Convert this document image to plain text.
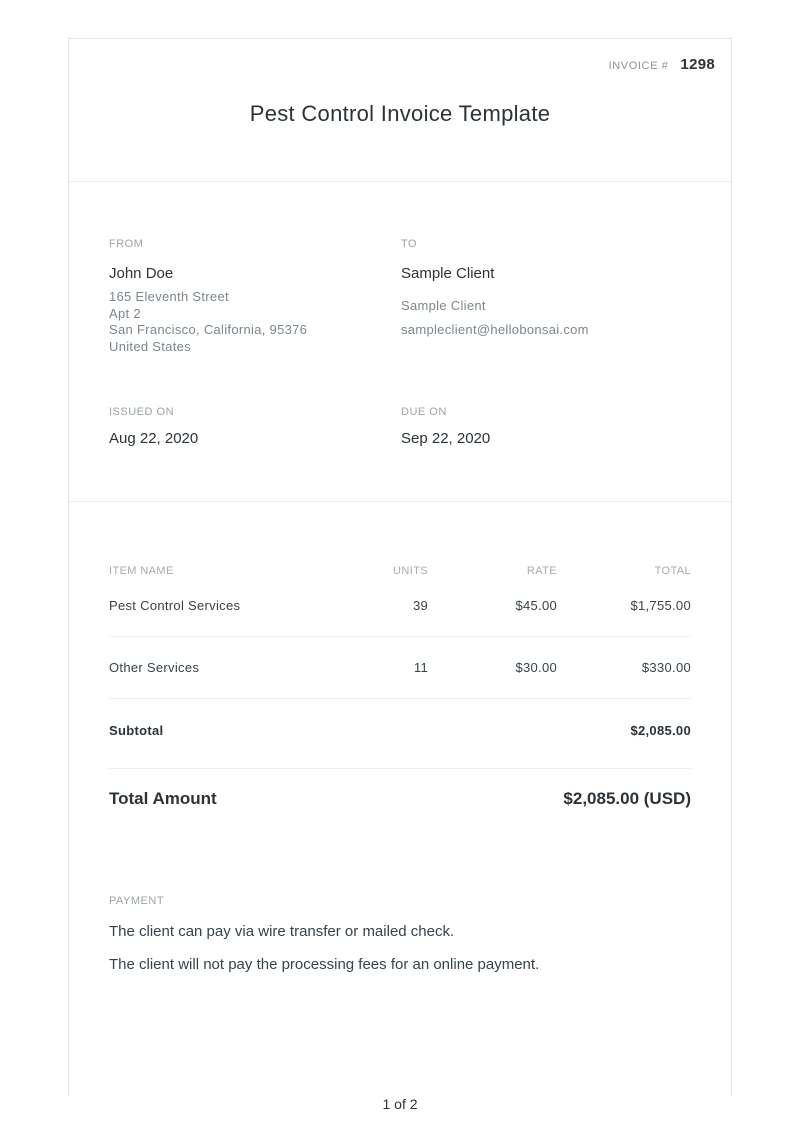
INVOICE # 1298
Pest Control Invoice Template
FROM
John Doe
165 Eleventh Street
Apt 2
San Francisco, California, 95376
United States
TO
Sample Client
Sample Client
sampleclient@hellobonsai.com
ISSUED ON
Aug 22, 2020
DUE ON
Sep 22, 2020
ITEM NAME	UNITS	RATE	TOTAL
Pest Control Services	39	$45.00	$1,755.00
Other Services	11	$30.00	$330.00
Subtotal	$2,085.00
Total Amount	$2,085.00 (USD)
PAYMENT
The client can pay via wire transfer or mailed check.
The client will not pay the processing fees for an online payment.
1 of 2
